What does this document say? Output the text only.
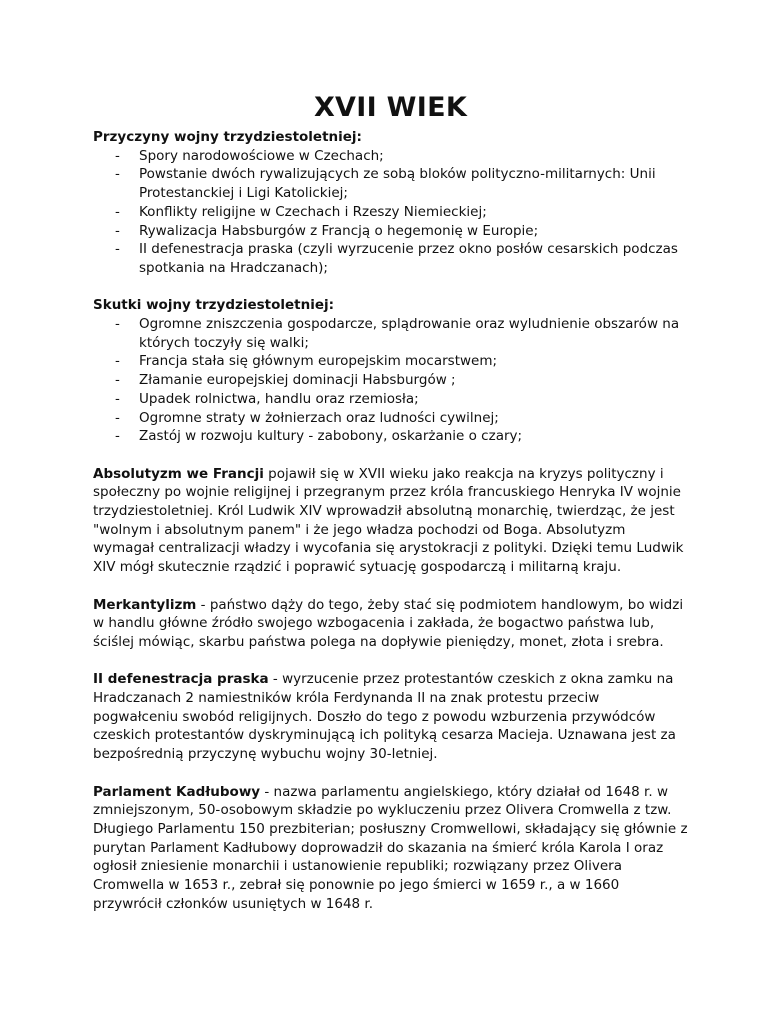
XVII WIEK
Przyczyny wojny trzydziestoletniej:
- Spory narodowościowe w Czechach;
- Powstanie dwóch rywalizujących ze sobą bloków polityczno-militarnych: Unii Protestanckiej i Ligi Katolickiej;
- Konflikty religijne w Czechach i Rzeszy Niemieckiej;
- Rywalizacja Habsburgów z Francją o hegemonię w Europie;
- II defenestracja praska (czyli wyrzucenie przez okno posłów cesarskich podczas spotkania na Hradczanach);
Skutki wojny trzydziestoletniej:
- Ogromne zniszczenia gospodarcze, splądrowanie oraz wyludnienie obszarów na których toczyły się walki;
- Francja stała się głównym europejskim mocarstwem;
- Złamanie europejskiej dominacji Habsburgów ;
- Upadek rolnictwa, handlu oraz rzemiosła;
- Ogromne straty w żołnierzach oraz ludności cywilnej;
- Zastój w rozwoju kultury - zabobony, oskarżanie o czary;

Absolutyzm we Francji pojawił się w XVII wieku jako reakcja na kryzys polityczny i społeczny po wojnie religijnej i przegranym przez króla francuskiego Henryka IV wojnie trzydziestoletniej. Król Ludwik XIV wprowadził absolutną monarchię, twierdząc, że jest "wolnym i absolutnym panem" i że jego władza pochodzi od Boga. Absolutyzm wymagał centralizacji władzy i wycofania się arystokracji z polityki. Dzięki temu Ludwik XIV mógł skutecznie rządzić i poprawić sytuację gospodarczą i militarną kraju.

Merkantylizm - państwo dąży do tego, żeby stać się podmiotem handlowym, bo widzi w handlu główne źródło swojego wzbogacenia i zakłada, że bogactwo państwa lub, ściślej mówiąc, skarbu państwa polega na dopływie pieniędzy, monet, złota i srebra.

II defenestracja praska - wyrzucenie przez protestantów czeskich z okna zamku na Hradczanach 2 namiestników króla Ferdynanda II na znak protestu przeciw pogwałceniu swobód religijnych. Doszło do tego z powodu wzburzenia przywódców czeskich protestantów dyskryminującą ich polityką cesarza Macieja. Uznawana jest za bezpośrednią przyczynę wybuchu wojny 30-letniej.

Parlament Kadłubowy - nazwa parlamentu angielskiego, który działał od 1648 r. w zmniejszonym, 50-osobowym składzie po wykluczeniu przez Olivera Cromwella z tzw. Długiego Parlamentu 150 prezbiterian; posłuszny Cromwellowi, składający się głównie z purytan Parlament Kadłubowy doprowadził do skazania na śmierć króla Karola I oraz ogłosił zniesienie monarchii i ustanowienie republiki; rozwiązany przez Olivera Cromwella w 1653 r., zebrał się ponownie po jego śmierci w 1659 r., a w 1660 przywrócił członków usuniętych w 1648 r.
